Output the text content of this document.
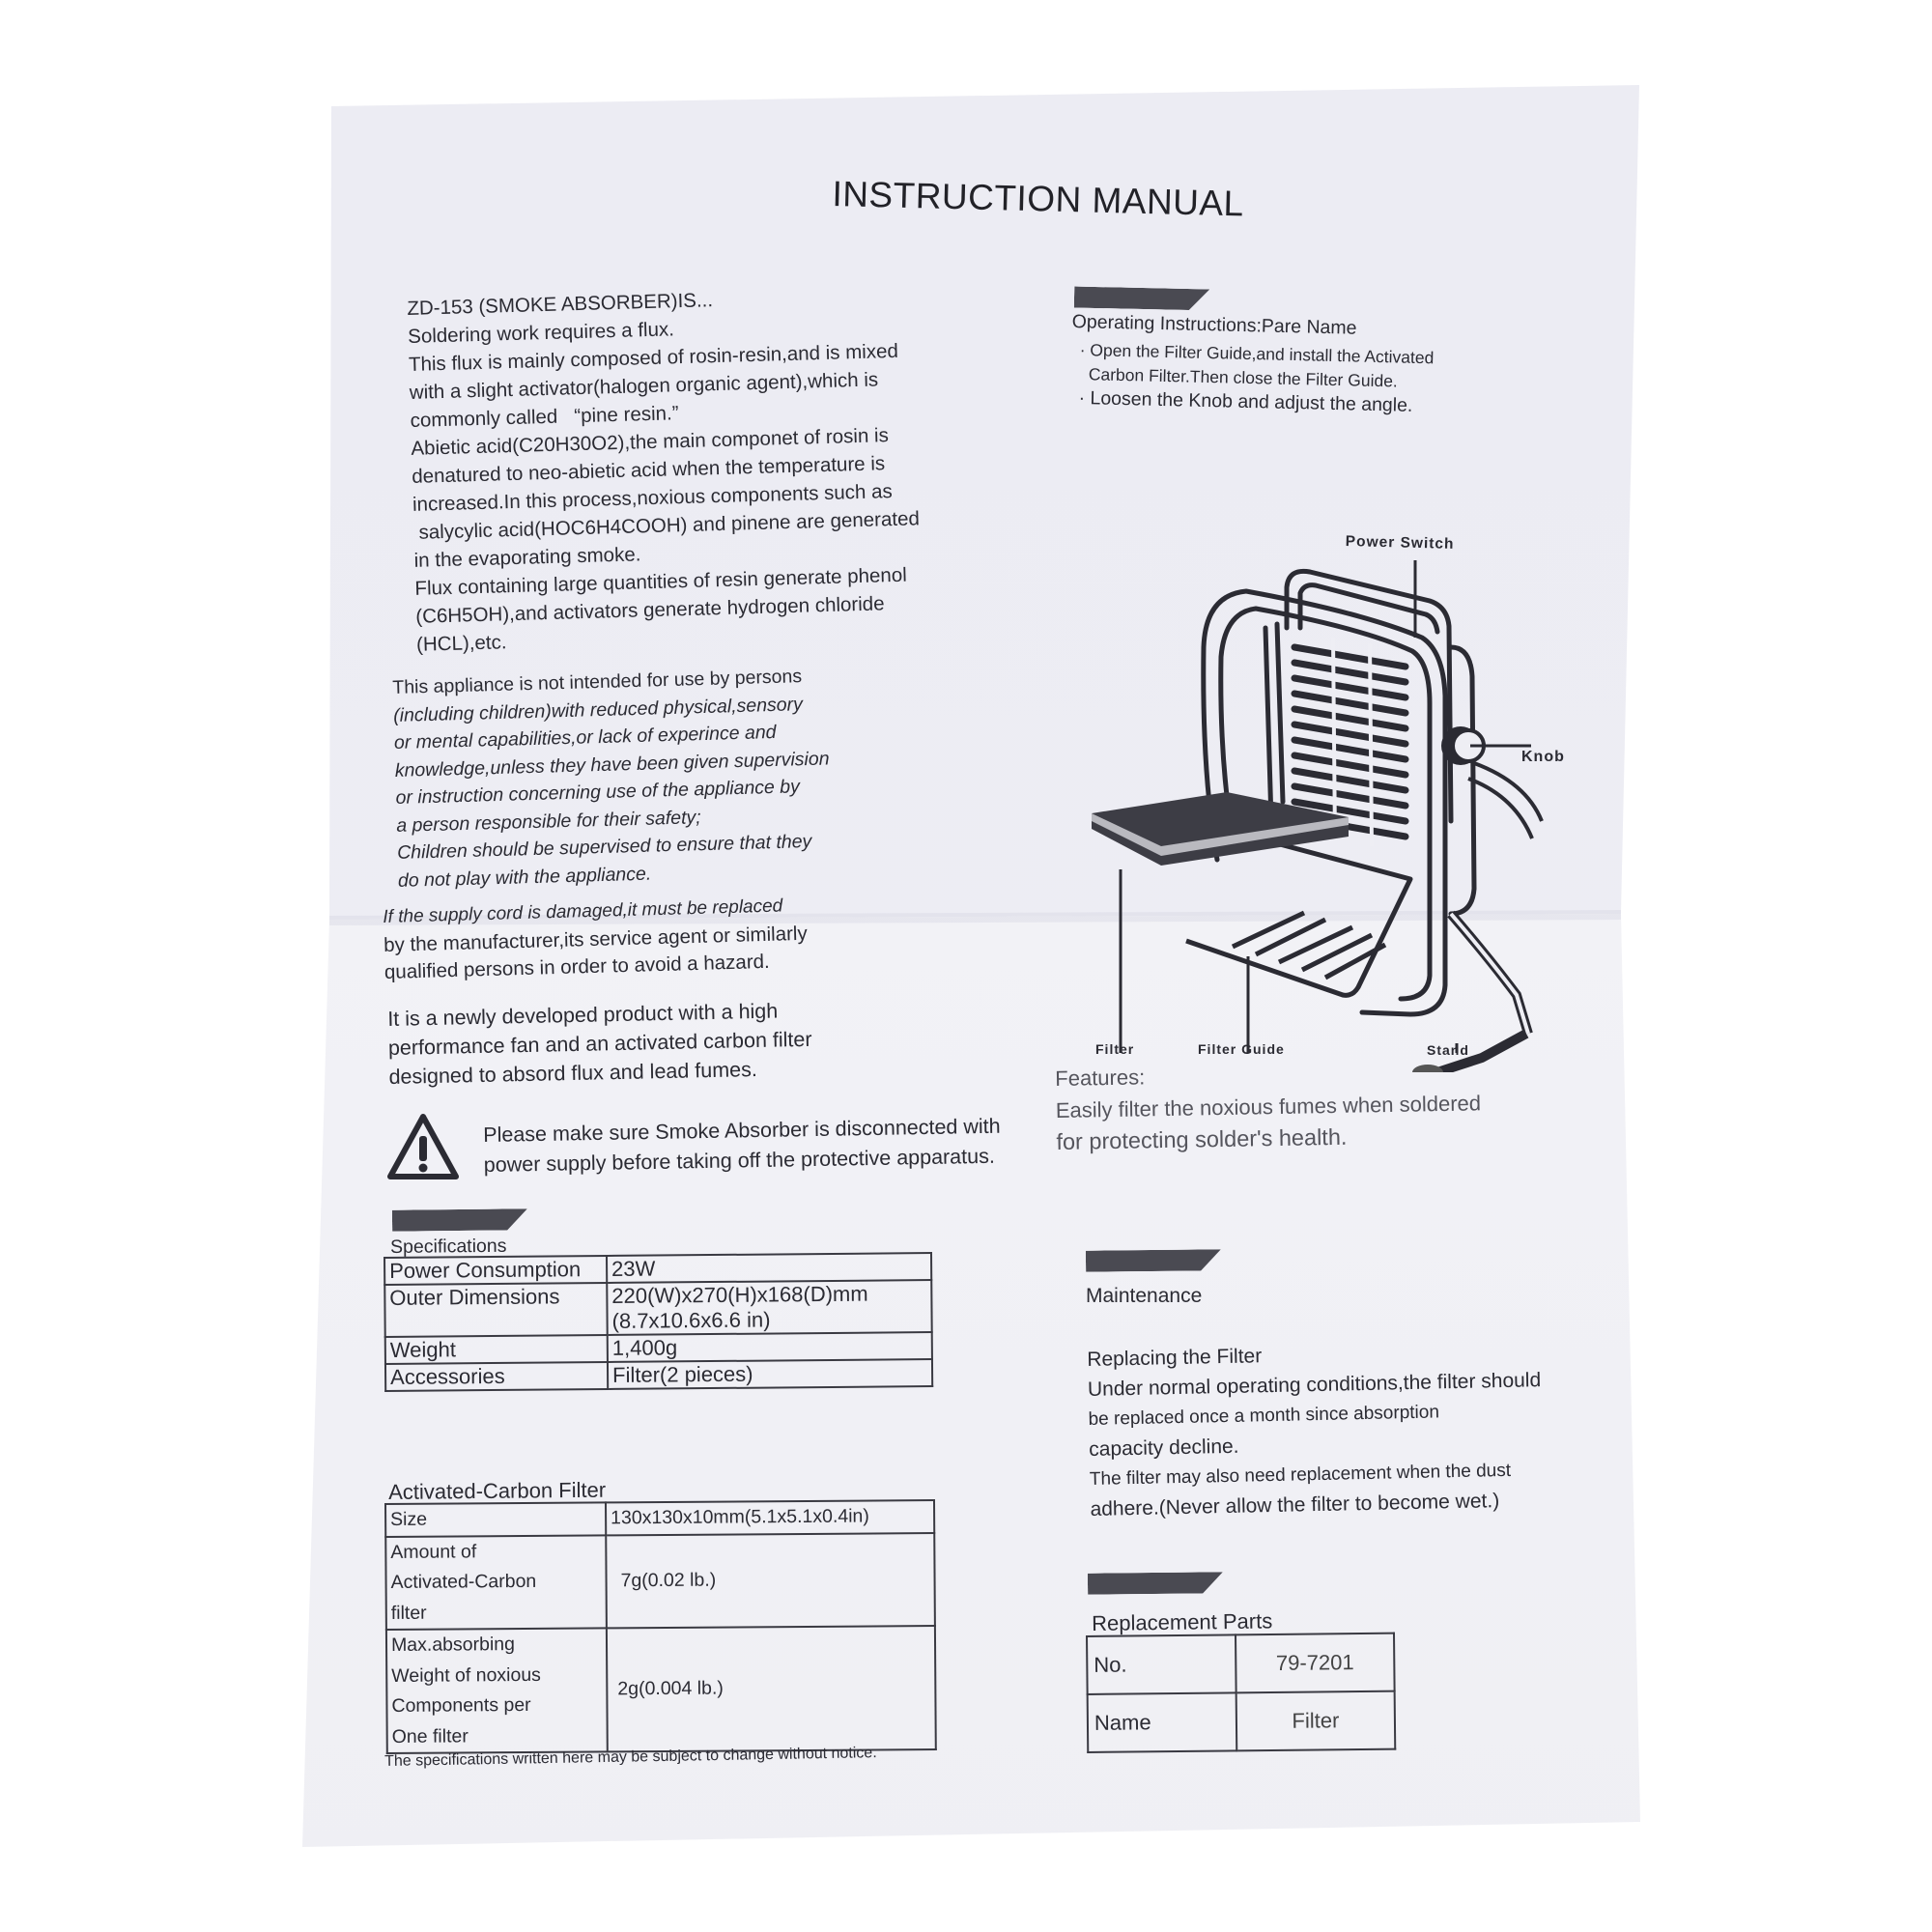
INSTRUCTION MANUAL
ZD-153 (SMOKE ABSORBER)IS...
Soldering work requires a flux.
This flux is mainly composed of rosin-resin,and is mixed
with a slight activator(halogen organic agent),which is
commonly called   “pine resin.”
Abietic acid(C20H30O2),the main componet of rosin is
denatured to neo-abietic acid when the temperature is
increased.In this process,noxious components such as
salycylic acid(HOC6H4COOH) and pinene are generated
in the evaporating smoke.
Flux containing large quantities of resin generate phenol
(C6H5OH),and activators generate hydrogen chloride
(HCL),etc.
This appliance is not intended for use by persons
(including children)with reduced physical,sensory
or mental capabilities,or lack of experince and
knowledge,unless they have been given supervision
or instruction concerning use of the appliance by
a person responsible for their safety;
Children should be supervised to ensure that they
do not play with the appliance.
If the supply cord is damaged,it must be replaced
by the manufacturer,its service agent or similarly
qualified persons in order to avoid a hazard.
It is a newly developed product with a high
performance fan and an activated carbon filter
designed to absord flux and lead fumes.
Please make sure Smoke Absorber is disconnected with
power supply before taking off the protective apparatus.
Specifications
Power Consumption	23W
Outer Dimensions	220(W)x270(H)x168(D)mm
(8.7x10.6x6.6 in)

Weight	1,400g
Accessories	Filter(2 pieces)
Activated-Carbon Filter
Size	130x130x10mm(5.1x5.1x0.4in)

Amount of
Activated-Carbon
filter	7g(0.02 lb.)

Max.absorbing
Weight of noxious
Components per
One filter	2g(0.004 lb.)
The specifications written here may be subject to change without notice.
Operating Instructions:Pare Name
· Open the Filter Guide,and install the Activated
Carbon Filter.Then close the Filter Guide.
· Loosen the Knob and adjust the angle.
Power Switch
Knob
Filter	Filter Guide	Stand
Features:
Easily filter the noxious fumes when soldered
for protecting solder's health.
Maintenance
Replacing the Filter
Under normal operating conditions,the filter should
be replaced once a month since absorption
capacity decline.
The filter may also need replacement when the dust
adhere.(Never allow the filter to become wet.)
Replacement Parts
No.	79-7201
Name	Filter
